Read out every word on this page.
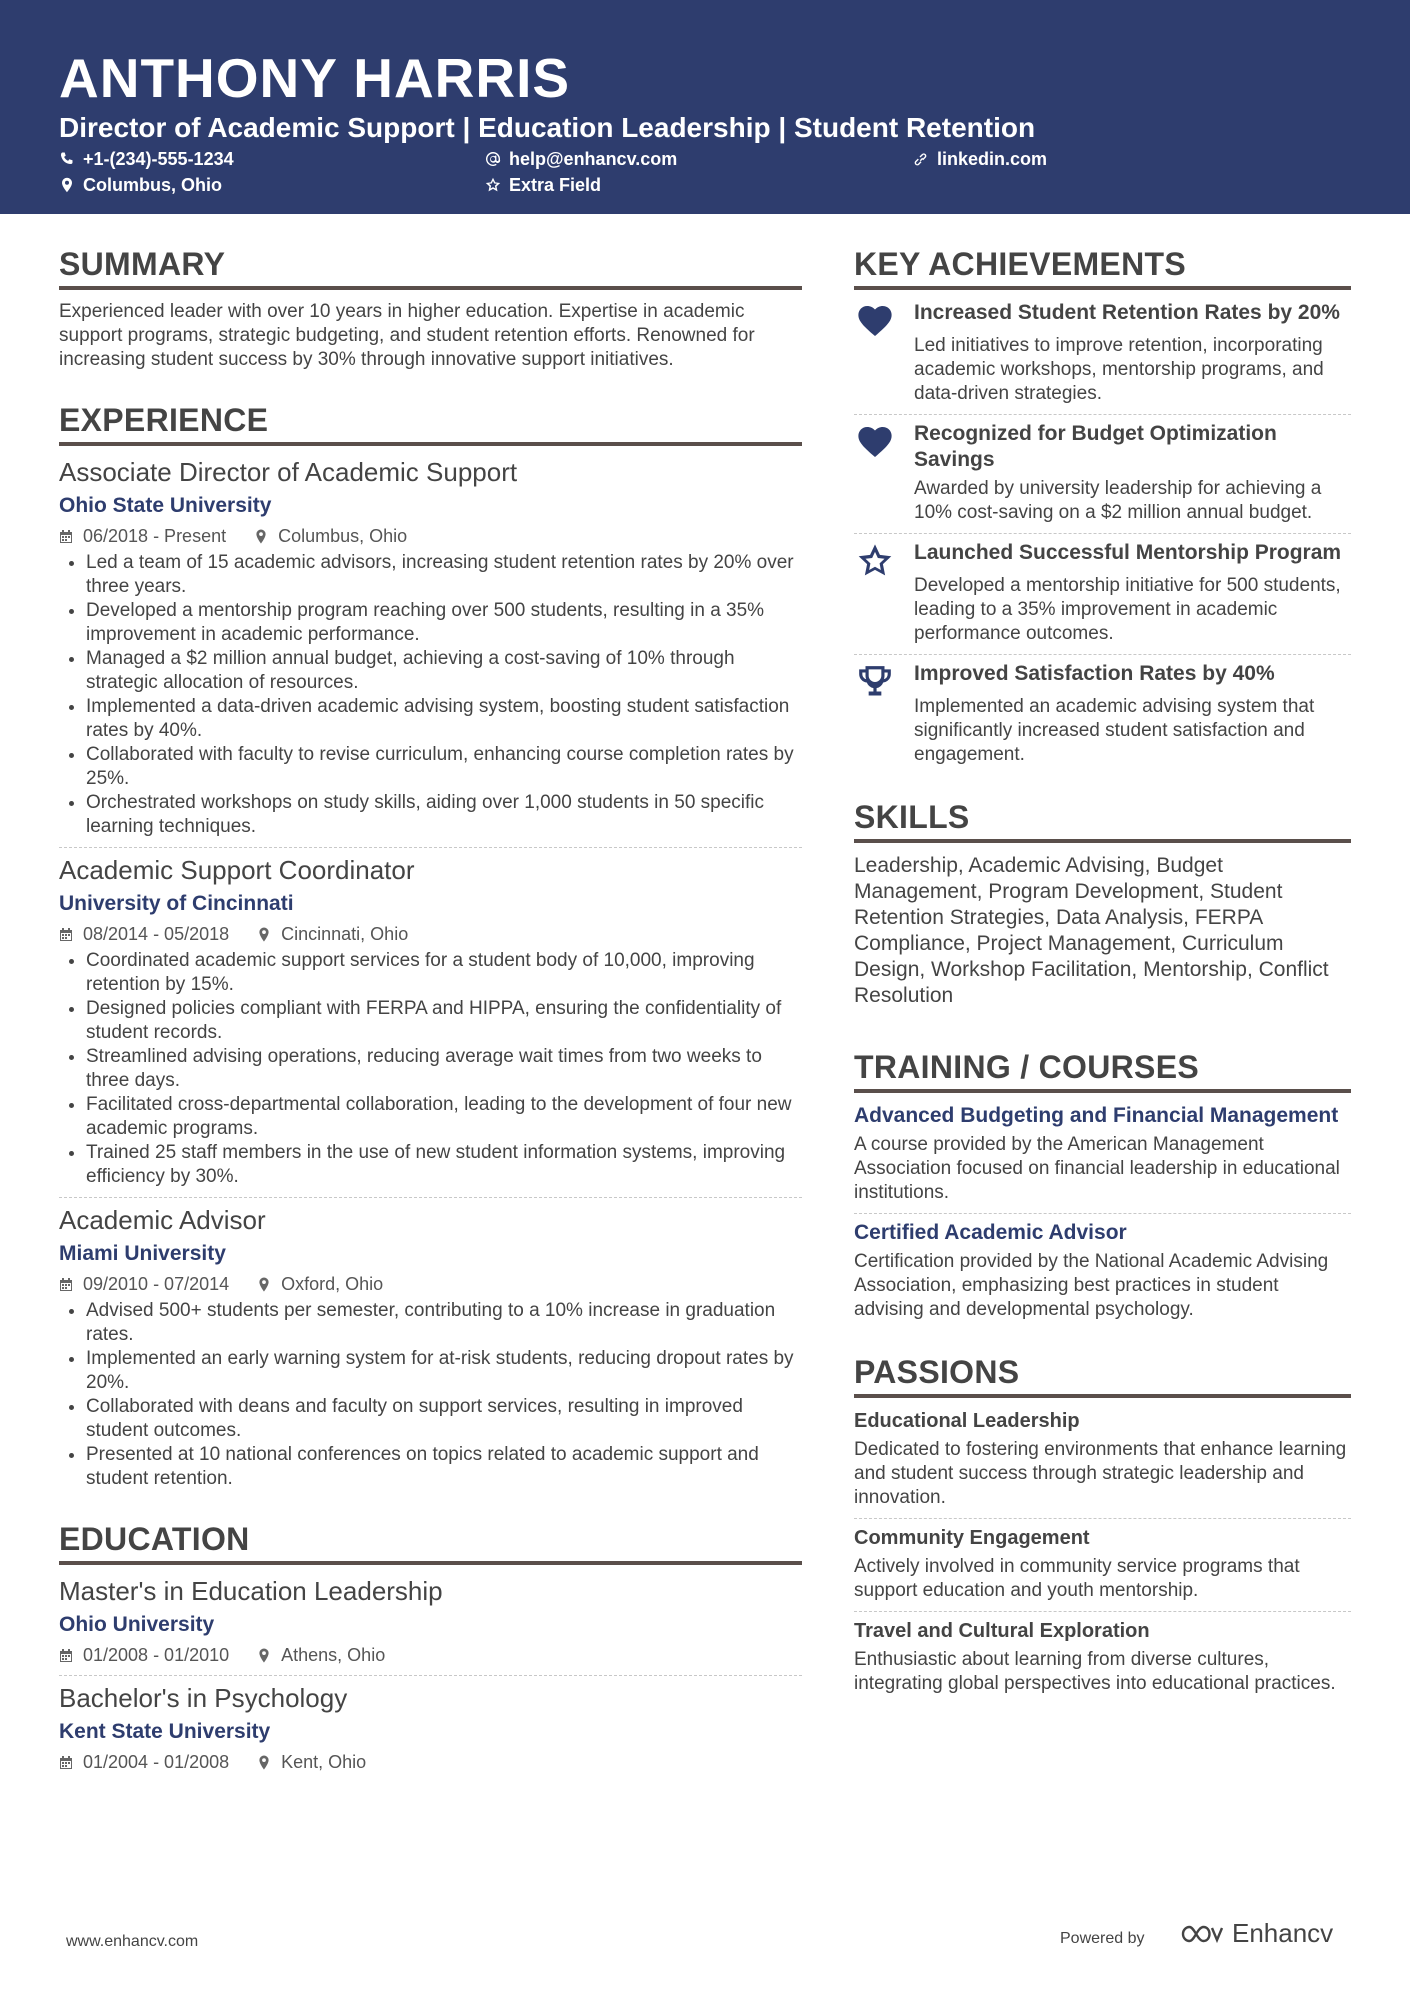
ANTHONY HARRIS
Director of Academic Support | Education Leadership | Student Retention
+1-(234)-555-1234	help@enhancv.com	linkedin.com
Columbus, Ohio	Extra Field
SUMMARY
Experienced leader with over 10 years in higher education. Expertise in academic support programs, strategic budgeting, and student retention efforts. Renowned for increasing student success by 30% through innovative support initiatives.
EXPERIENCE
Associate Director of Academic Support
Ohio State University
06/2018 - Present	Columbus, Ohio
• Led a team of 15 academic advisors, increasing student retention rates by 20% over three years.
• Developed a mentorship program reaching over 500 students, resulting in a 35% improvement in academic performance.
• Managed a $2 million annual budget, achieving a cost-saving of 10% through strategic allocation of resources.
• Implemented a data-driven academic advising system, boosting student satisfaction rates by 40%.
• Collaborated with faculty to revise curriculum, enhancing course completion rates by 25%.
• Orchestrated workshops on study skills, aiding over 1,000 students in 50 specific learning techniques.
Academic Support Coordinator
University of Cincinnati
08/2014 - 05/2018	Cincinnati, Ohio
• Coordinated academic support services for a student body of 10,000, improving retention by 15%.
• Designed policies compliant with FERPA and HIPPA, ensuring the confidentiality of student records.
• Streamlined advising operations, reducing average wait times from two weeks to three days.
• Facilitated cross-departmental collaboration, leading to the development of four new academic programs.
• Trained 25 staff members in the use of new student information systems, improving efficiency by 30%.
Academic Advisor
Miami University
09/2010 - 07/2014	Oxford, Ohio
• Advised 500+ students per semester, contributing to a 10% increase in graduation rates.
• Implemented an early warning system for at-risk students, reducing dropout rates by 20%.
• Collaborated with deans and faculty on support services, resulting in improved student outcomes.
• Presented at 10 national conferences on topics related to academic support and student retention.
EDUCATION
Master's in Education Leadership
Ohio University
01/2008 - 01/2010	Athens, Ohio
Bachelor's in Psychology
Kent State University
01/2004 - 01/2008	Kent, Ohio
KEY ACHIEVEMENTS
Increased Student Retention Rates by 20%
Led initiatives to improve retention, incorporating academic workshops, mentorship programs, and data-driven strategies.
Recognized for Budget Optimization Savings
Awarded by university leadership for achieving a 10% cost-saving on a $2 million annual budget.
Launched Successful Mentorship Program
Developed a mentorship initiative for 500 students, leading to a 35% improvement in academic performance outcomes.
Improved Satisfaction Rates by 40%
Implemented an academic advising system that significantly increased student satisfaction and engagement.
SKILLS
Leadership, Academic Advising, Budget Management, Program Development, Student Retention Strategies, Data Analysis, FERPA Compliance, Project Management, Curriculum Design, Workshop Facilitation, Mentorship, Conflict Resolution
TRAINING / COURSES
Advanced Budgeting and Financial Management
A course provided by the American Management Association focused on financial leadership in educational institutions.
Certified Academic Advisor
Certification provided by the National Academic Advising Association, emphasizing best practices in student advising and developmental psychology.
PASSIONS
Educational Leadership
Dedicated to fostering environments that enhance learning and student success through strategic leadership and innovation.
Community Engagement
Actively involved in community service programs that support education and youth mentorship.
Travel and Cultural Exploration
Enthusiastic about learning from diverse cultures, integrating global perspectives into educational practices.
www.enhancv.com	Powered by	Enhancv
